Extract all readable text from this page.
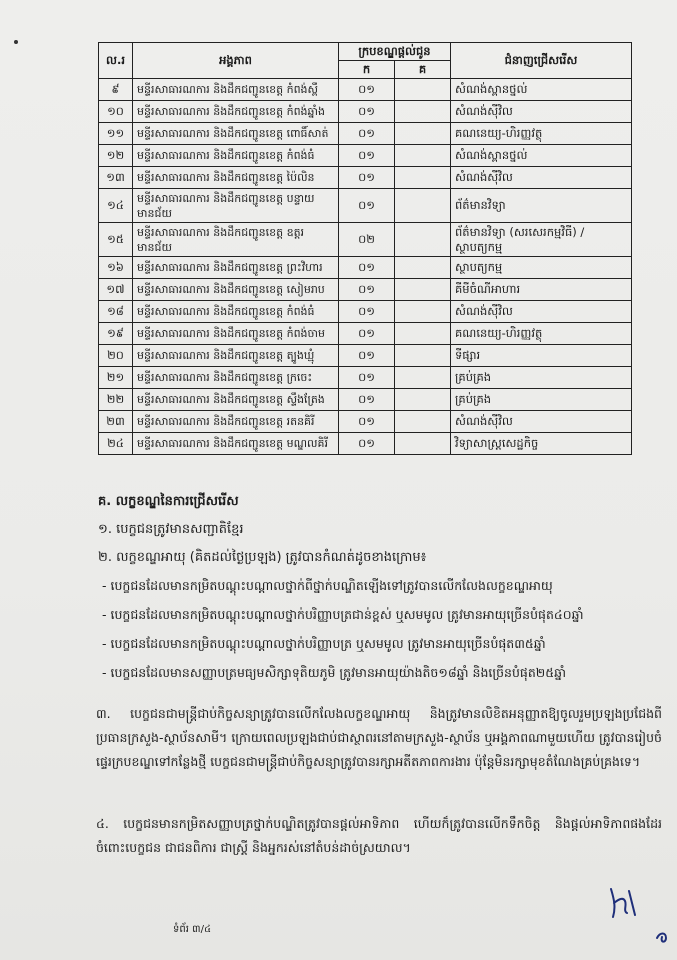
ល.រ	អង្គភាព	ក្របខណ្ឌផ្ដល់ជូន		ជំនាញជ្រើសរើស
		ក	គ	
៩	មន្ទីរសាធារណការ និងដឹកជញ្ជូនខេត្ត កំពង់ស្ពឺ	០១		សំណង់ស្ពានថ្នល់
១០	មន្ទីរសាធារណការ និងដឹកជញ្ជូនខេត្ត កំពង់ឆ្នាំង	០១		សំណង់ស៊ីវិល
១១	មន្ទីរសាធារណការ និងដឹកជញ្ជូនខេត្ត ពោធិ៍សាត់	០១		គណនេយ្យ-ហិរញ្ញវត្ថុ
១២	មន្ទីរសាធារណការ និងដឹកជញ្ជូនខេត្ត កំពង់ធំ	០១		សំណង់ស្ពានថ្នល់
១៣	មន្ទីរសាធារណការ និងដឹកជញ្ជូនខេត្ត ប៉ៃលិន	០១		សំណង់ស៊ីវិល
១៤	មន្ទីរសាធារណការ និងដឹកជញ្ជូនខេត្ត បន្ទាយមានជ័យ	០១		ព័ត៌មានវិទ្យា
១៥	មន្ទីរសាធារណការ និងដឹកជញ្ជូនខេត្ត ឧត្តរមានជ័យ	០២		ព័ត៌មានវិទ្យា (សរសេរកម្មវិធី) / ស្ថាបត្យកម្ម
១៦	មន្ទីរសាធារណការ និងដឹកជញ្ជូនខេត្ត ព្រះវិហារ	០១		ស្ថាបត្យកម្ម
១៧	មន្ទីរសាធារណការ និងដឹកជញ្ជូនខេត្ត សៀមរាប	០១		គីមីចំណីអាហារ
១៨	មន្ទីរសាធារណការ និងដឹកជញ្ជូនខេត្ត កំពង់ធំ	០១		សំណង់ស៊ីវិល
១៩	មន្ទីរសាធារណការ និងដឹកជញ្ជូនខេត្ត កំពង់ចាម	០១		គណនេយ្យ-ហិរញ្ញវត្ថុ
២០	មន្ទីរសាធារណការ និងដឹកជញ្ជូនខេត្ត ត្បូងឃ្មុំ	០១		ទីផ្សារ
២១	មន្ទីរសាធារណការ និងដឹកជញ្ជូនខេត្ត ក្រចេះ	០១		គ្រប់គ្រង
២២	មន្ទីរសាធារណការ និងដឹកជញ្ជូនខេត្ត ស្ទឹងត្រែង	០១		គ្រប់គ្រង
២៣	មន្ទីរសាធារណការ និងដឹកជញ្ជូនខេត្ត រតនគិរី	០១		សំណង់ស៊ីវិល
២៤	មន្ទីរសាធារណការ និងដឹកជញ្ជូនខេត្ត មណ្ឌលគិរី	០១		វិទ្យាសាស្ត្រសេដ្ឋកិច្ច
គ. លក្ខខណ្ឌនៃការជ្រើសរើស
១. បេក្ខជនត្រូវមានសញ្ជាតិខ្មែរ
២. លក្ខខណ្ឌអាយុ (គិតដល់ថ្ងៃប្រឡង) ត្រូវបានកំណត់ដូចខាងក្រោម៖
- បេក្ខជនដែលមានកម្រិតបណ្ដុះបណ្ដាលថ្នាក់ពីថ្នាក់បណ្ឌិតឡើងទៅត្រូវបានលើកលែងលក្ខខណ្ឌអាយុ
- បេក្ខជនដែលមានកម្រិតបណ្ដុះបណ្ដាលថ្នាក់បរិញ្ញាបត្រជាន់ខ្ពស់ ឬសមមូល ត្រូវមានអាយុច្រើនបំផុត៤០ឆ្នាំ
- បេក្ខជនដែលមានកម្រិតបណ្ដុះបណ្ដាលថ្នាក់បរិញ្ញាបត្រ ឬសមមូល ត្រូវមានអាយុច្រើនបំផុត៣៥ឆ្នាំ
- បេក្ខជនដែលមានសញ្ញាបត្រមធ្យមសិក្សាទុតិយភូមិ ត្រូវមានអាយុយ៉ាងតិច១៨ឆ្នាំ និងច្រើនបំផុត២៥ឆ្នាំ
៣. បេក្ខជនជាមន្ត្រីជាប់កិច្ចសន្យាត្រូវបានលើកលែងលក្ខខណ្ឌអាយុ និងត្រូវមានលិខិតអនុញ្ញាតឱ្យចូលរួមប្រឡងប្រជែងពីប្រធានក្រសួង-ស្ថាប័នសាមី។ ក្រោយពេលប្រឡងជាប់ជាស្ថាពរនៅតាមក្រសួង-ស្ថាប័ន ឬអង្គភាពណាមួយហើយ ត្រូវបានរៀបចំផ្ទេរក្របខណ្ឌទៅកន្លែងថ្មី បេក្ខជនជាមន្ត្រីជាប់កិច្ចសន្យាត្រូវបានរក្សាអតីតភាពការងារ ប៉ុន្តែមិនរក្សាមុខតំណែងគ្រប់គ្រងទេ។
៤. បេក្ខជនមានកម្រិតសញ្ញាបត្រថ្នាក់បណ្ឌិតត្រូវបានផ្ដល់អាទិភាព ហើយក៏ត្រូវបានលើកទឹកចិត្ត និងផ្ដល់អាទិភាពផងដែរ ចំពោះបេក្ខជន ជាជនពិការ ជាស្ត្រី និងអ្នករស់នៅតំបន់ដាច់ស្រយាល។
ទំព័រ ៣/៤
